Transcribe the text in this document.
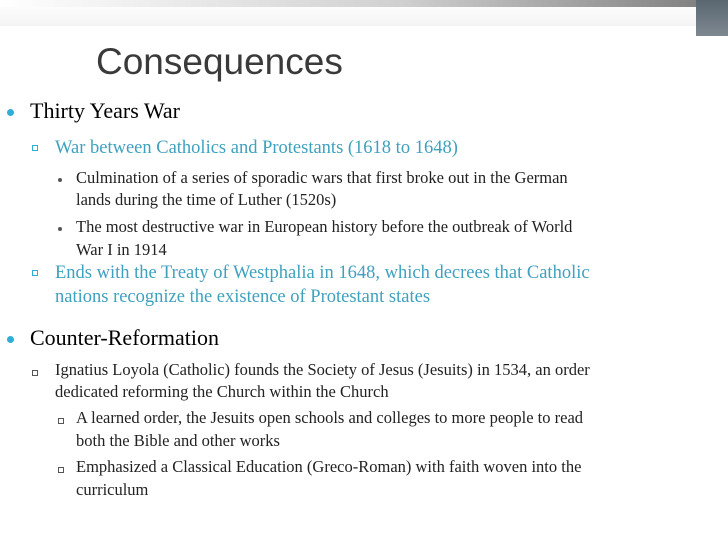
Consequences
Thirty Years War
War between Catholics and Protestants (1618 to 1648)
Culmination of a series of sporadic wars that first broke out in the German
lands during the time of Luther (1520s)
The most destructive war in European history before the outbreak of World
War I in 1914
Ends with the Treaty of Westphalia in 1648, which decrees that Catholic
nations recognize the existence of Protestant states
Counter-Reformation
Ignatius Loyola (Catholic) founds the Society of Jesus (Jesuits) in 1534, an order
dedicated reforming the Church within the Church
A learned order, the Jesuits open schools and colleges to more people to read
both the Bible and other works
Emphasized a Classical Education (Greco-Roman) with faith woven into the
curriculum
